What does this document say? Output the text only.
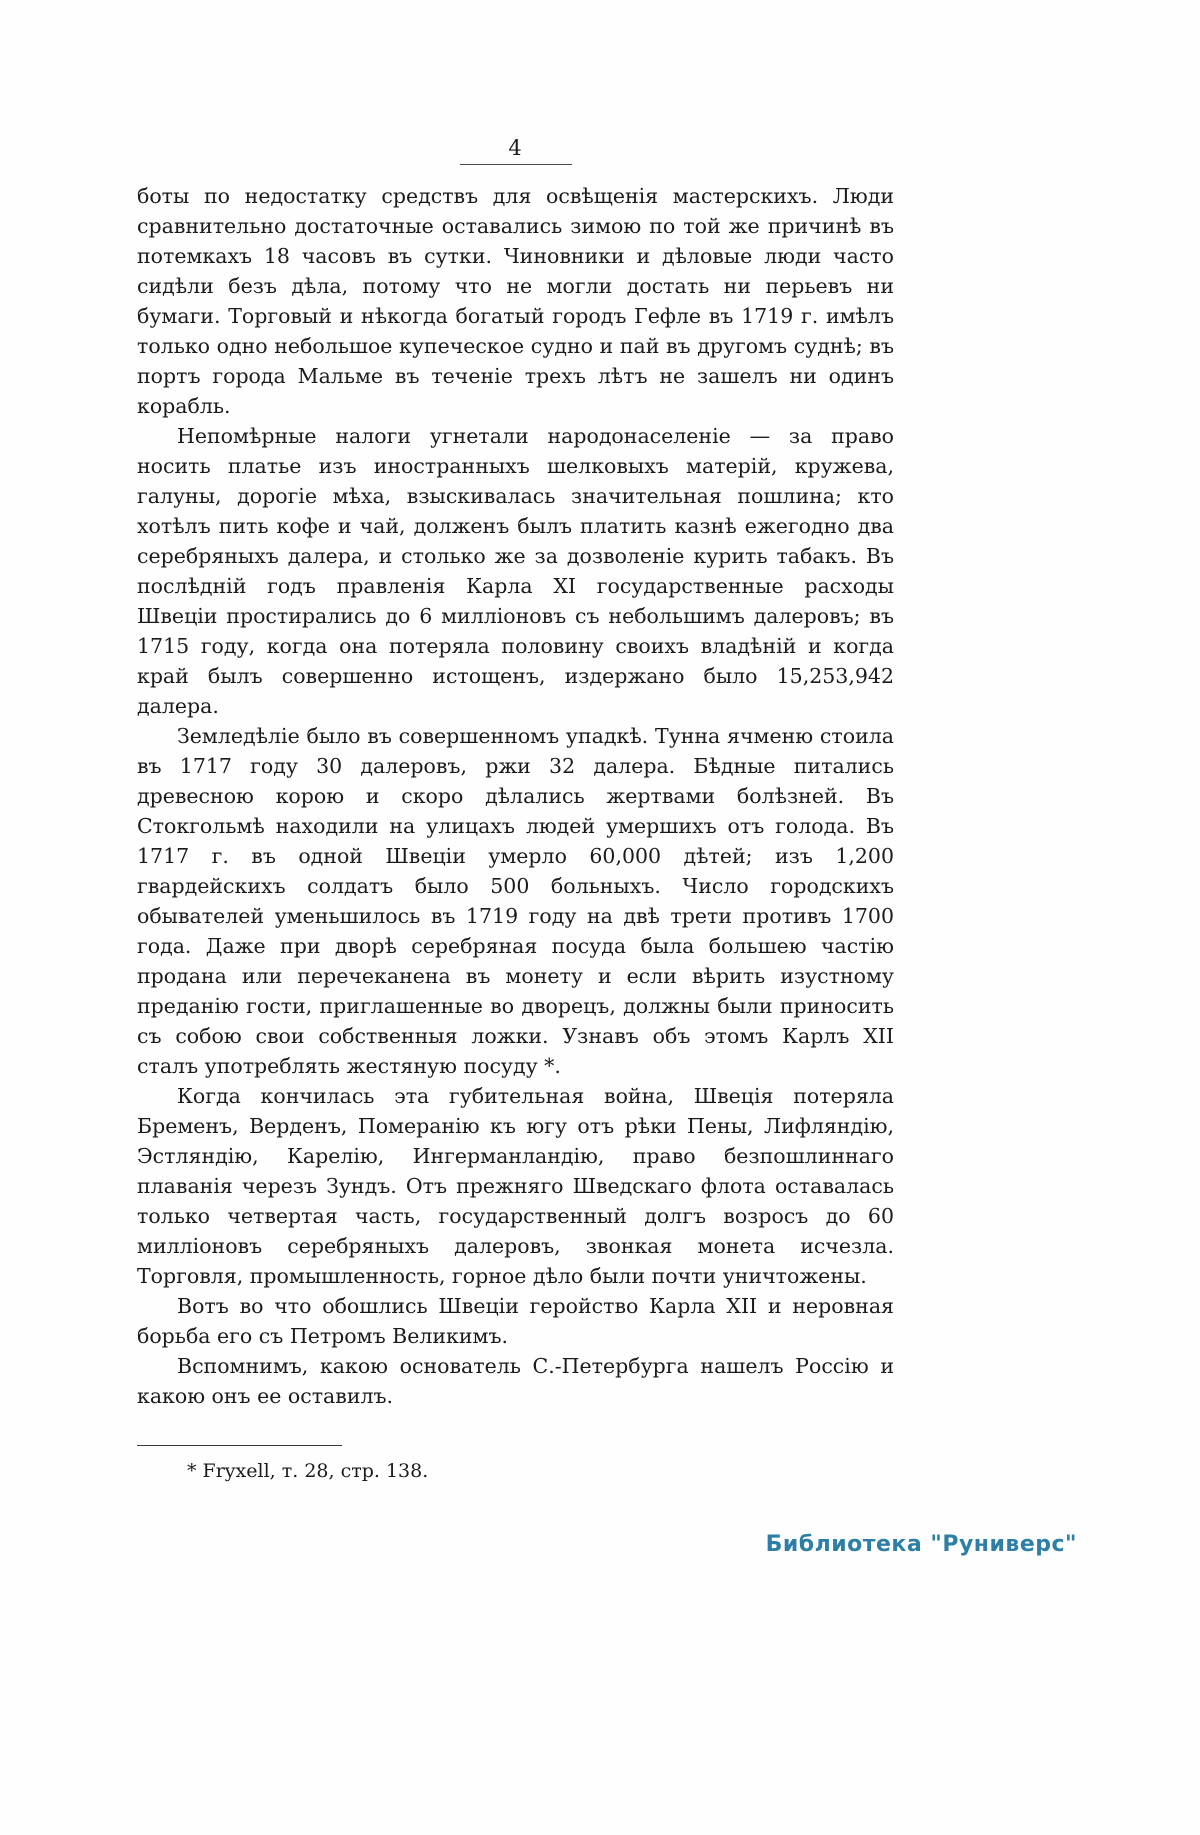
4

боты по недостатку средствъ для освѣщенія мастерскихъ. Люди сравнительно достаточные оставались зимою по той же причинѣ въ потемкахъ 18 часовъ въ сутки. Чиновники и дѣловые люди часто сидѣли безъ дѣла, потому что не могли достать ни перьевъ ни бумаги. Торговый и нѣкогда богатый городъ Гефле въ 1719 г. имѣлъ только одно небольшое купеческое судно и пай въ другомъ суднѣ; въ портъ города Мальме въ теченіе трехъ лѣтъ не зашелъ ни одинъ корабль.

Непомѣрные налоги угнетали народонаселеніе — за право носить платье изъ иностранныхъ шелковыхъ матерій, кружева, галуны, дорогіе мѣха, взыскивалась значительная пошлина; кто хотѣлъ пить кофе и чай, долженъ былъ платить казнѣ ежегодно два серебряныхъ далера, и столько же за дозволеніе курить табакъ. Въ послѣдній годъ правленія Карла XI государственные расходы Швеціи простирались до 6 милліоновъ съ небольшимъ далеровъ; въ 1715 году, когда она потеряла половину своихъ владѣній и когда край былъ совершенно истощенъ, издержано было 15,253,942 далера.

Земледѣліе было въ совершенномъ упадкѣ. Тунна ячменю стоила въ 1717 году 30 далеровъ, ржи 32 далера. Бѣдные питались древесною корою и скоро дѣлались жертвами болѣзней. Въ Стокгольмѣ находили на улицахъ людей умершихъ отъ голода. Въ 1717 г. въ одной Швеціи умерло 60,000 дѣтей; изъ 1,200 гвардейскихъ солдатъ было 500 больныхъ. Число городскихъ обывателей уменьшилось въ 1719 году на двѣ трети противъ 1700 года. Даже при дворѣ серебряная посуда была большею частію продана или перечеканена въ монету и если вѣрить изустному преданію гости, приглашенные во дворецъ, должны были приносить съ собою свои собственныя ложки. Узнавъ объ этомъ Карлъ XII сталъ употреблять жестяную посуду *.

Когда кончилась эта губительная война, Швеція потеряла Бременъ, Верденъ, Померанію къ югу отъ рѣки Пены, Лифляндію, Эстляндію, Карелію, Ингерманландію, право безпошлиннаго плаванія черезъ Зундъ. Отъ прежняго Шведскаго флота оставалась только четвертая часть, государственный долгъ возросъ до 60 милліоновъ серебряныхъ далеровъ, звонкая монета исчезла. Торговля, промышленность, горное дѣло были почти уничтожены.

Вотъ во что обошлись Швеціи геройство Карла XII и неровная борьба его съ Петромъ Великимъ.

Вспомнимъ, какою основатель С.-Петербурга нашелъ Россію и какою онъ ее оставилъ.

* Fryxell, т. 28, стр. 138.

Библиотека "Руниверс"
